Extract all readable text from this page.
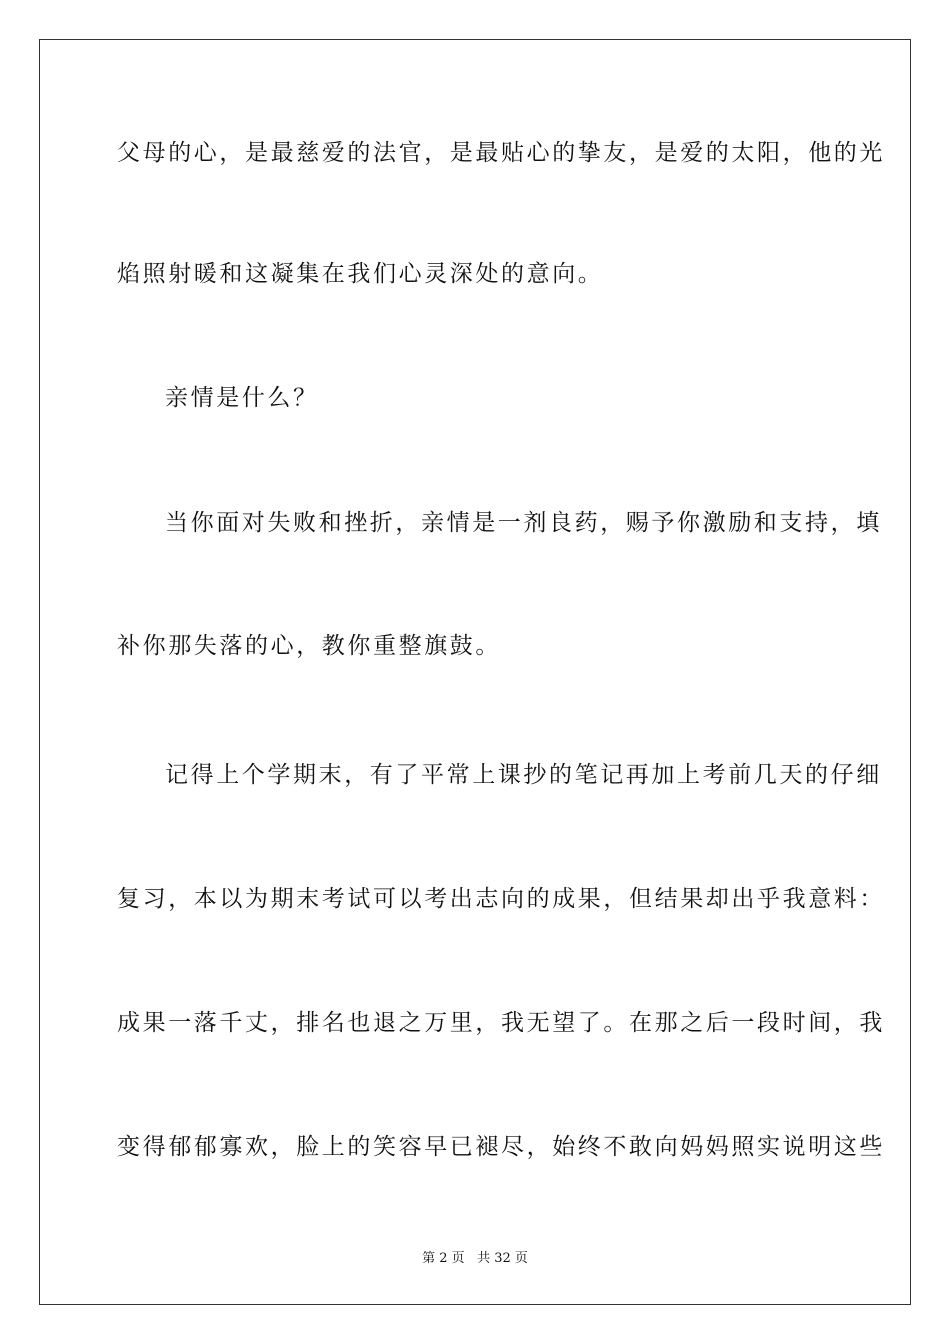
父母的心，是最慈爱的法官，是最贴心的挚友，是爱的太阳，他的光
焰照射暖和这凝集在我们心灵深处的意向。
亲情是什么？
当你面对失败和挫折，亲情是一剂良药，赐予你激励和支持，填
补你那失落的心，教你重整旗鼓。
记得上个学期末，有了平常上课抄的笔记再加上考前几天的仔细
复习，本以为期末考试可以考出志向的成果，但结果却出乎我意料：
成果一落千丈，排名也退之万里，我无望了。在那之后一段时间，我
变得郁郁寡欢，脸上的笑容早已褪尽，始终不敢向妈妈照实说明这些
第 2 页 共 32 页
